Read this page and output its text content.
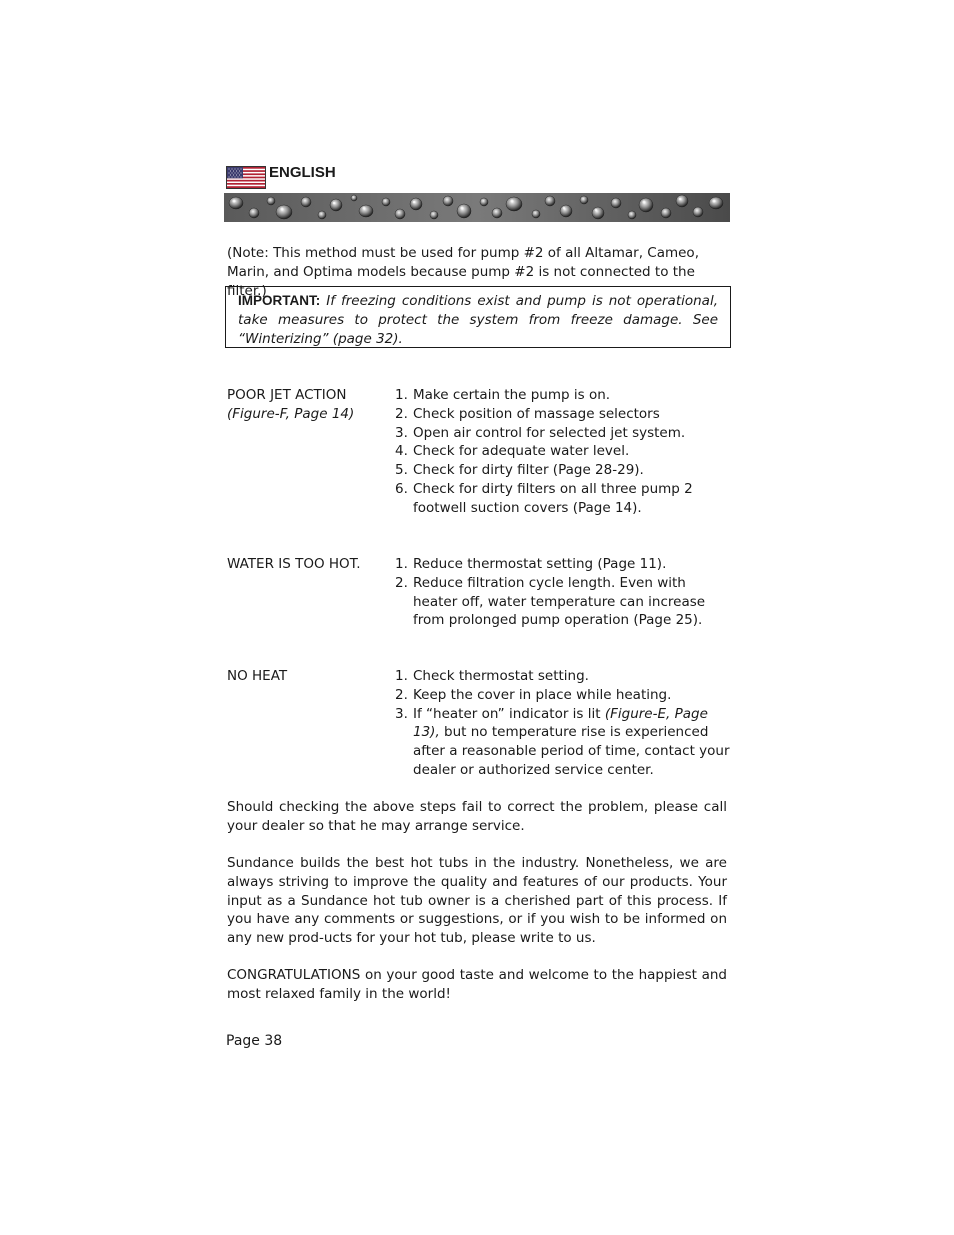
ENGLISH
(Note: This method must be used for pump #2 of all Altamar, Cameo, Marin, and Optima models because pump #2 is not connected to the filter.)
IMPORTANT: If freezing conditions exist and pump is not operational, take measures to protect the system from freeze damage. See “Winterizing” (page 32).
POOR JET ACTION
(Figure-F, Page 14)
1. Make certain the pump is on.
2. Check position of massage selectors
3. Open air control for selected jet system.
4. Check for adequate water level.
5. Check for dirty filter (Page 28-29).
6. Check for dirty filters on all three pump 2 footwell suction covers (Page 14).
WATER IS TOO HOT.	1. Reduce thermostat setting (Page 11).
2. Reduce filtration cycle length. Even with heater off, water temperature can increase from prolonged pump operation (Page 25).
NO HEAT	1. Check thermostat setting.
2. Keep the cover in place while heating.
3. If “heater on” indicator is lit (Figure-E, Page 13), but no temperature rise is experienced after a reasonable period of time, contact your dealer or authorized service center.
Should checking the above steps fail to correct the problem, please call your dealer so that he may arrange service.
Sundance builds the best hot tubs in the industry. Nonetheless, we are always striving to improve the quality and features of our products. Your input as a Sundance hot tub owner is a cherished part of this process. If you have any comments or suggestions, or if you wish to be informed on any new prod-ucts for your hot tub, please write to us.
CONGRATULATIONS on your good taste and welcome to the happiest and most relaxed family in the world!
Page 38
